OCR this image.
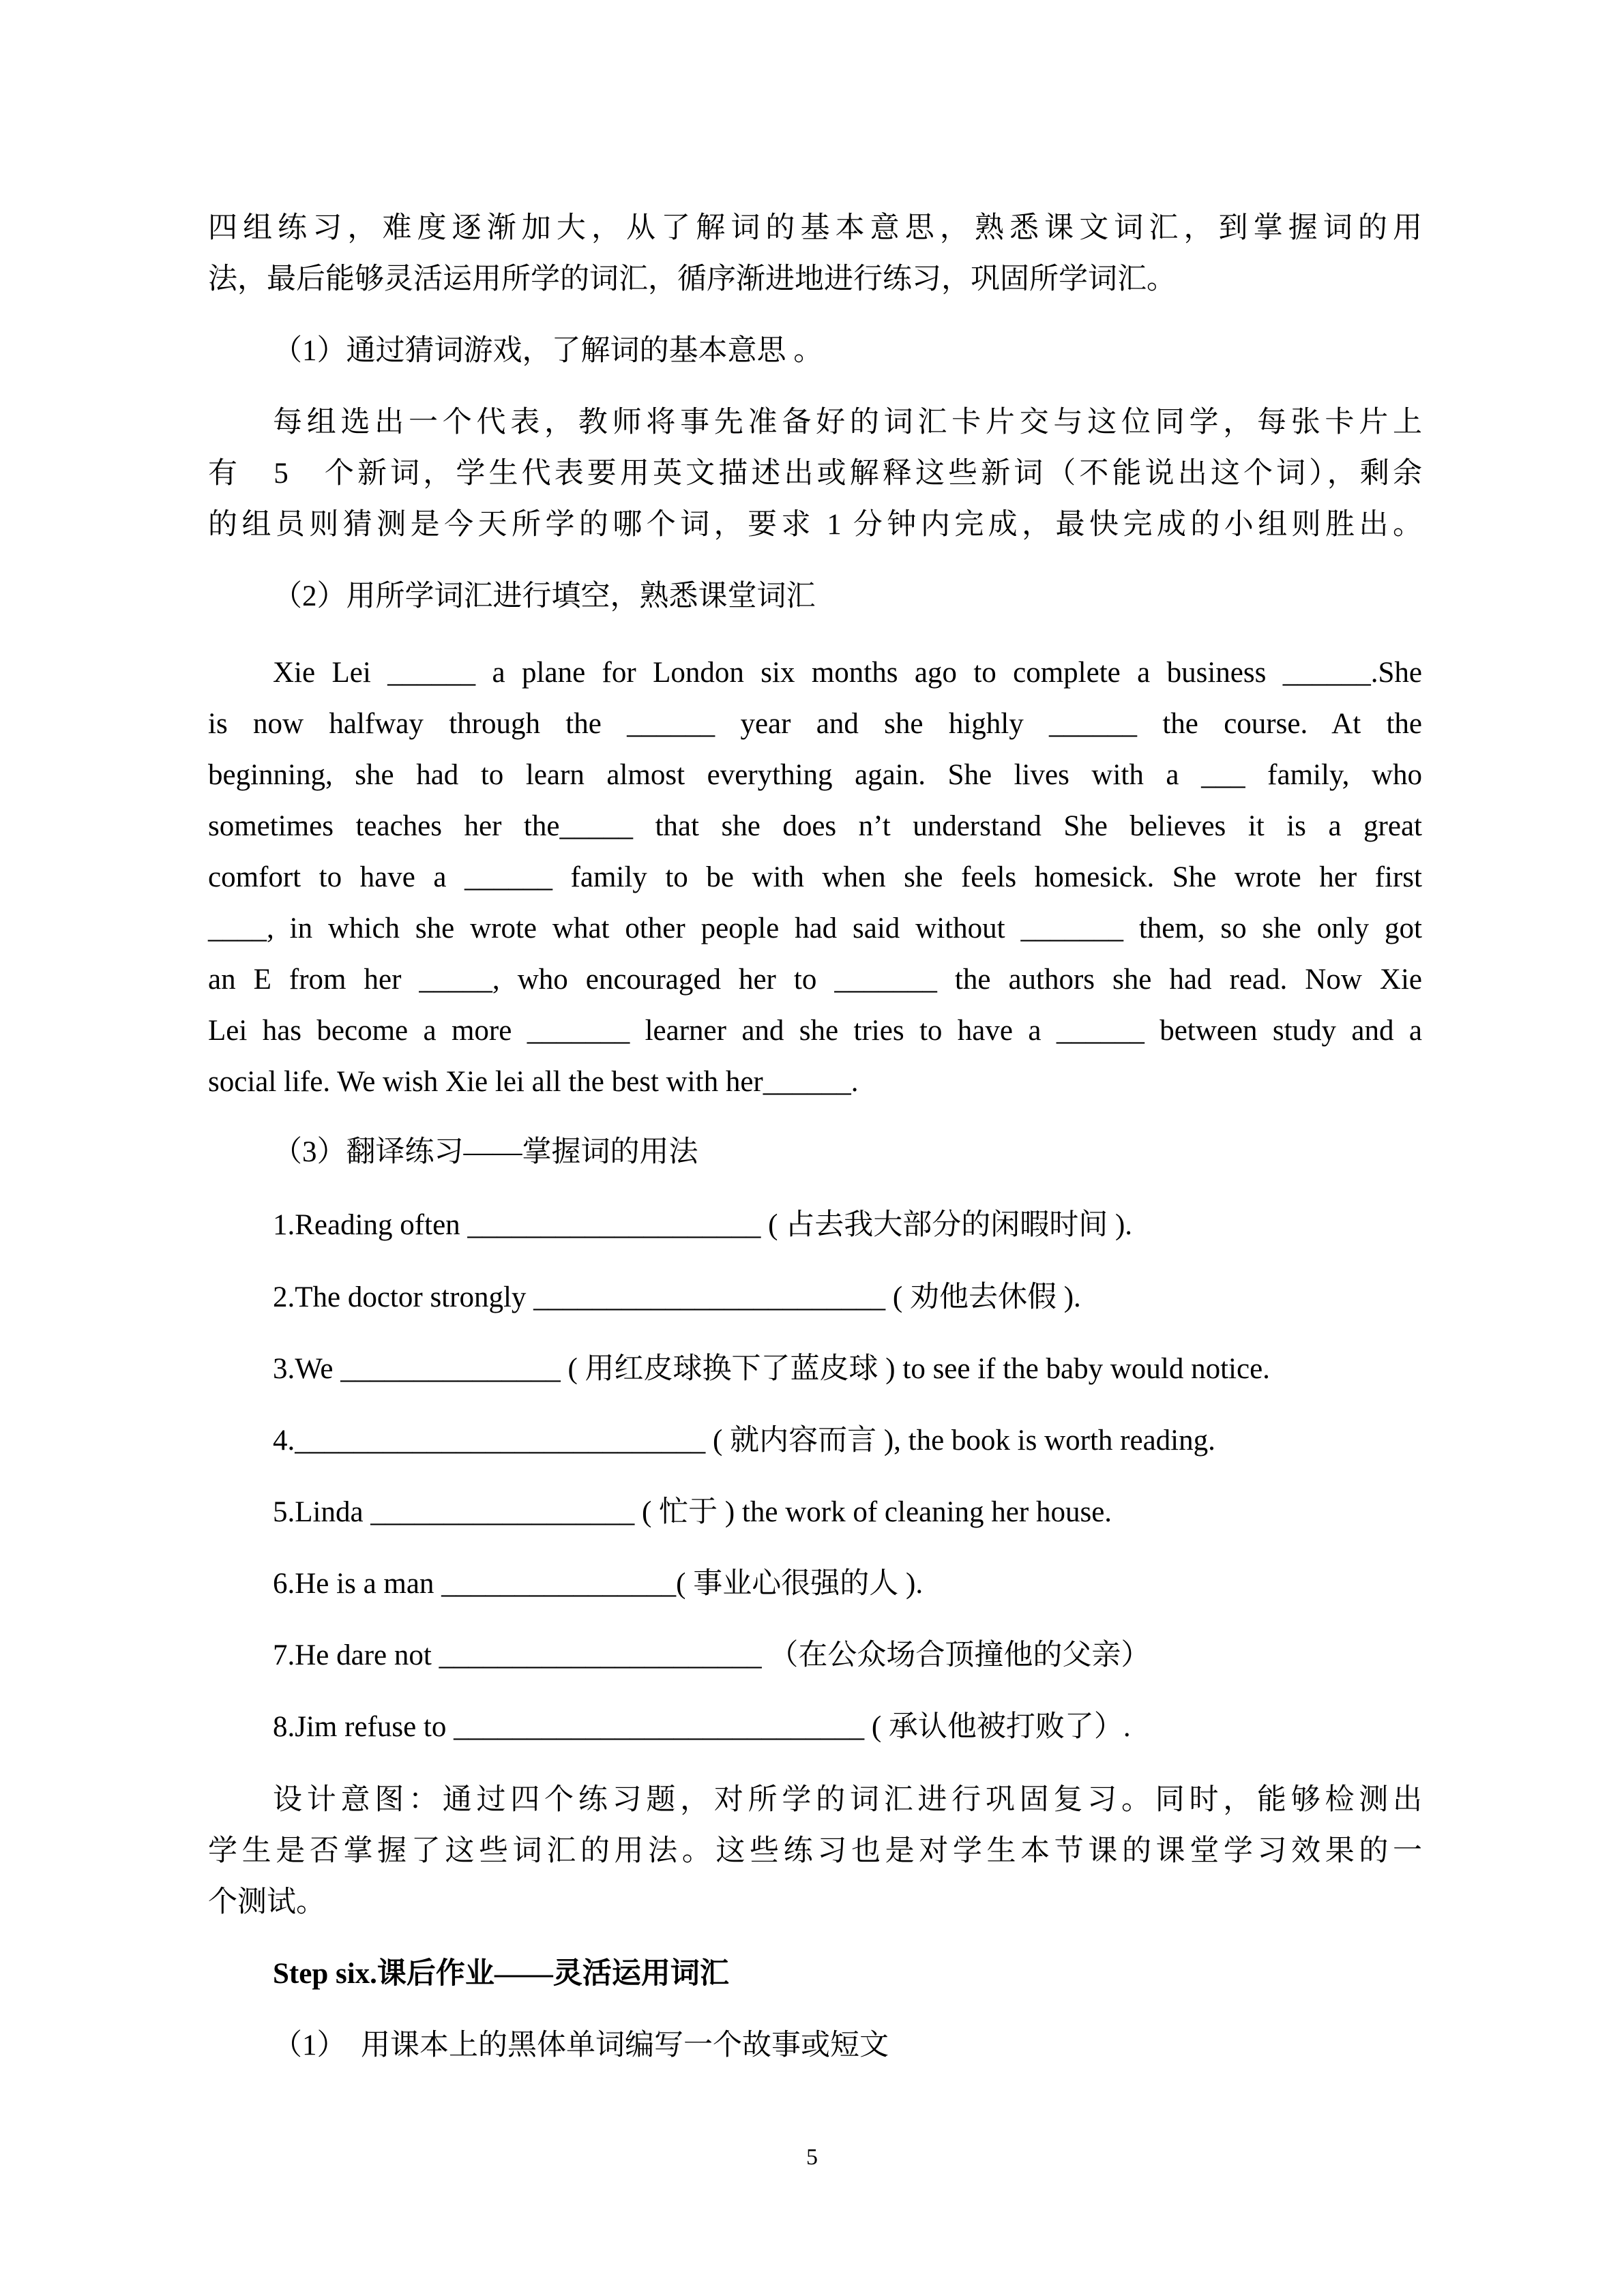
四组练习，难度逐渐加大，从了解词的基本意思，熟悉课文词汇，到掌握词的用
法，最后能够灵活运用所学的词汇，循序渐进地进行练习，巩固所学词汇。
（1）通过猜词游戏，了解词的基本意思 。
每组选出一个代表，教师将事先准备好的词汇卡片交与这位同学，每张卡片上
有　5　个新词，学生代表要用英文描述出或解释这些新词（不能说出这个词），剩余
的组员则猜测是今天所学的哪个词，要求 1 分钟内完成，最快完成的小组则胜出。
（2）用所学词汇进行填空，熟悉课堂词汇
Xie Lei ______ a plane for London six months ago to complete a business ______.She
is now halfway through the ______ year and she highly ______ the course. At the
beginning, she had to learn almost everything again. She lives with a ___ family, who
sometimes teaches her the_____ that she does n’t understand She believes it is a great
comfort to have a ______ family to be with when she feels homesick. She wrote her first
____, in which she wrote what other people had said without _______ them, so she only got
an E from her _____, who encouraged her to _______ the authors she had read. Now Xie
Lei has become a more _______ learner and she tries to have a ______ between study and a
social life. We wish Xie lei all the best with her______.
（3）翻译练习——掌握词的用法
1.Reading often ____________________ ( 占去我大部分的闲暇时间 ).
2.The doctor strongly ________________________ ( 劝他去休假 ).
3.We _______________ ( 用红皮球换下了蓝皮球 ) to see if the baby would notice.
4.____________________________ ( 就内容而言 ), the book is worth reading.
5.Linda __________________ ( 忙于 ) the work of cleaning her house.
6.He is a man ________________( 事业心很强的人 ).
7.He dare not ______________________ （在公众场合顶撞他的父亲）
8.Jim refuse to ____________________________ ( 承认他被打败了）.
设计意图：通过四个练习题，对所学的词汇进行巩固复习。同时，能够检测出
学生是否掌握了这些词汇的用法。这些练习也是对学生本节课的课堂学习效果的一
个测试。
Step six.课后作业——灵活运用词汇
（1）　用课本上的黑体单词编写一个故事或短文
5
